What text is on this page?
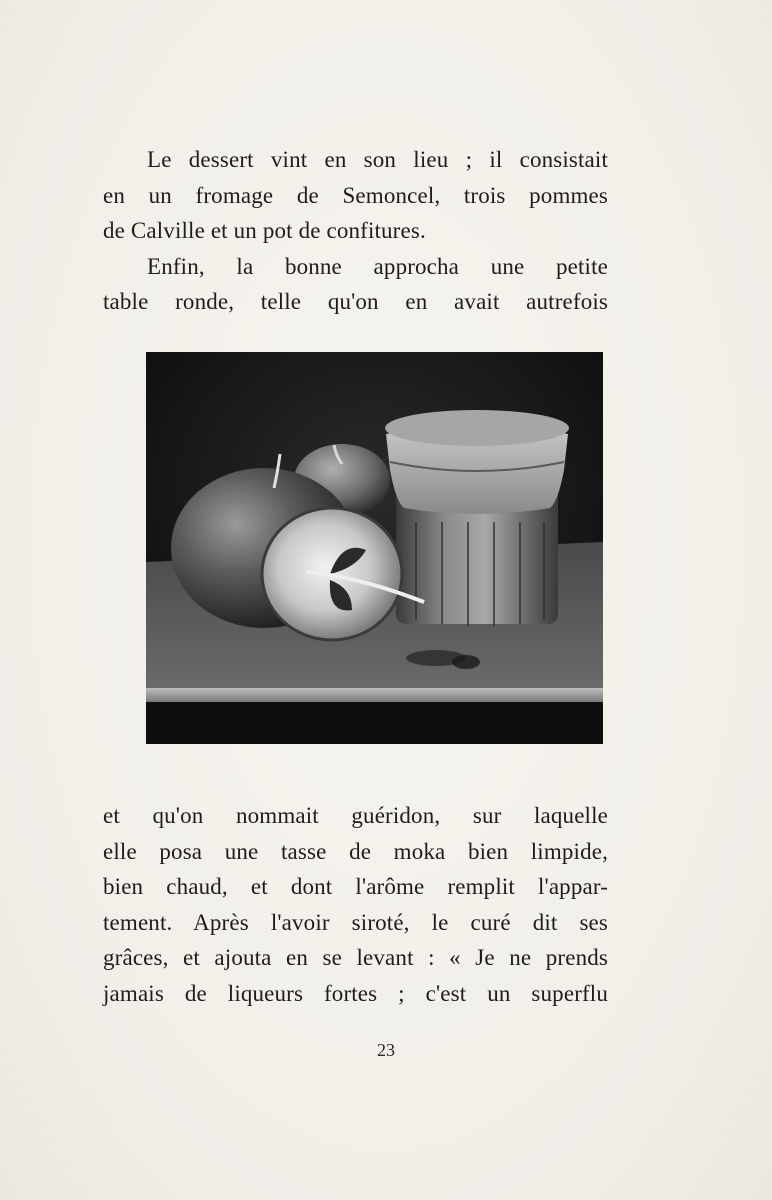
Le dessert vint en son lieu ; il consistait
en un fromage de Semoncel, trois pommes
de Calville et un pot de confitures.
Enfin, la bonne approcha une petite
table ronde, telle qu'on en avait autrefois
et qu'on nommait guéridon, sur laquelle
elle posa une tasse de moka bien limpide,
bien chaud, et dont l'arôme remplit l'appar-
tement. Après l'avoir siroté, le curé dit ses
grâces, et ajouta en se levant : « Je ne prends
jamais de liqueurs fortes ; c'est un superflu
23
